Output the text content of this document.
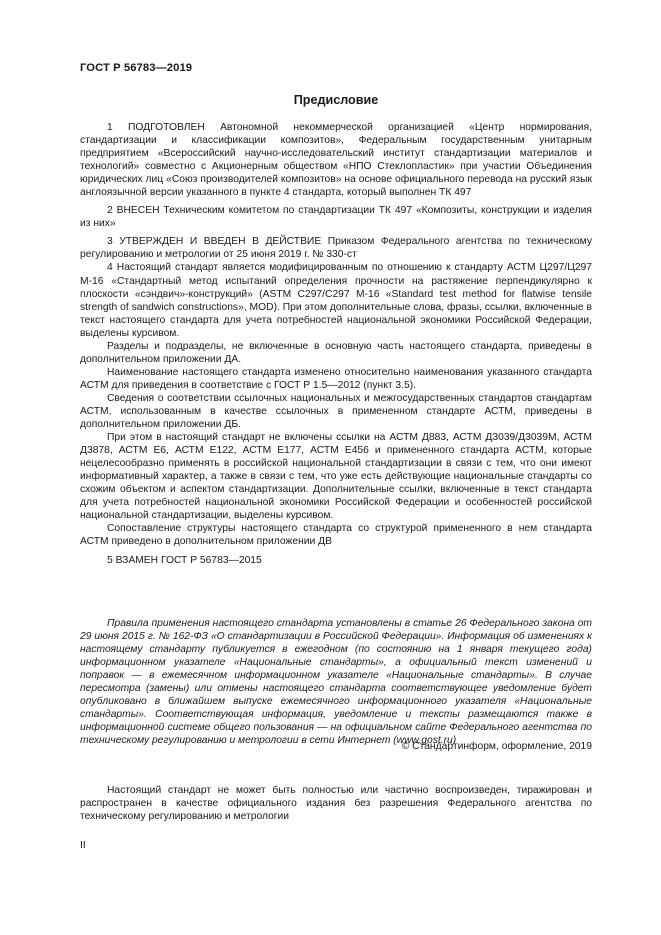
ГОСТ Р 56783—2019
Предисловие

1 ПОДГОТОВЛЕН Автономной некоммерческой организацией «Центр нормирования, стандартизации и классификации композитов», Федеральным государственным унитарным предприятием «Всероссийский научно-исследовательский институт стандартизации материалов и технологий» совместно с Акционерным обществом «НПО Стеклопластик» при участии Объединения юридических лиц «Союз производителей композитов» на основе официального перевода на русский язык англоязычной версии указанного в пункте 4 стандарта, который выполнен ТК 497

2 ВНЕСЕН Техническим комитетом по стандартизации ТК 497 «Композиты, конструкции и изделия из них»

3 УТВЕРЖДЕН И ВВЕДЕН В ДЕЙСТВИЕ Приказом Федерального агентства по техническому регулированию и метрологии от 25 июня 2019 г. № 330-ст

4 Настоящий стандарт является модифицированным по отношению к стандарту АСТМ Ц297/Ц297 М-16 «Стандартный метод испытаний определения прочности на растяжение перпендикулярно к плоскости «сэндвич»-конструкций» (ASTM C297/C297 M-16 «Standard test method for flatwise tensile strength of sandwich constructions», MOD). При этом дополнительные слова, фразы, ссылки, включенные в текст настоящего стандарта для учета потребностей национальной экономики Российской Федерации, выделены курсивом.

Разделы и подразделы, не включенные в основную часть настоящего стандарта, приведены в дополнительном приложении ДА.

Наименование настоящего стандарта изменено относительно наименования указанного стандарта АСТМ для приведения в соответствие с ГОСТ Р 1.5—2012 (пункт 3.5).

Сведения о соответствии ссылочных национальных и межгосударственных стандартов стандартам АСТМ, использованным в качестве ссылочных в примененном стандарте АСТМ, приведены в дополнительном приложении ДБ.

При этом в настоящий стандарт не включены ссылки на АСТМ Д883, АСТМ Д3039/Д3039М, АСТМ Д3878, АСТМ Е6, АСТМ Е122, АСТМ Е177, АСТМ Е456 и примененного стандарта АСТМ, которые нецелесообразно применять в российской национальной стандартизации в связи с тем, что они имеют информативный характер, а также в связи с тем, что уже есть действующие национальные стандарты со схожим объектом и аспектом стандартизации. Дополнительные ссылки, включенные в текст стандарта для учета потребностей национальной экономики Российской Федерации и особенностей российской национальной стандартизации, выделены курсивом.

Сопоставление структуры настоящего стандарта со структурой примененного в нем стандарта АСТМ приведено в дополнительном приложении ДВ

5 ВЗАМЕН ГОСТ Р 56783—2015

Правила применения настоящего стандарта установлены в статье 26 Федерального закона от 29 июня 2015 г. № 162-ФЗ «О стандартизации в Российской Федерации». Информация об изменениях к настоящему стандарту публикуется в ежегодном (по состоянию на 1 января текущего года) информационном указателе «Национальные стандарты», а официальный текст изменений и поправок — в ежемесячном информационном указателе «Национальные стандарты». В случае пересмотра (замены) или отмены настоящего стандарта соответствующее уведомление будет опубликовано в ближайшем выпуске ежемесячного информационного указателя «Национальные стандарты». Соответствующая информация, уведомление и тексты размещаются также в информационной системе общего пользования — на официальном сайте Федерального агентства по техническому регулированию и метрологии в сети Интернет (www.gost.ru)

© Стандартинформ, оформление, 2019

Настоящий стандарт не может быть полностью или частично воспроизведен, тиражирован и распространен в качестве официального издания без разрешения Федерального агентства по техническому регулированию и метрологии

II
